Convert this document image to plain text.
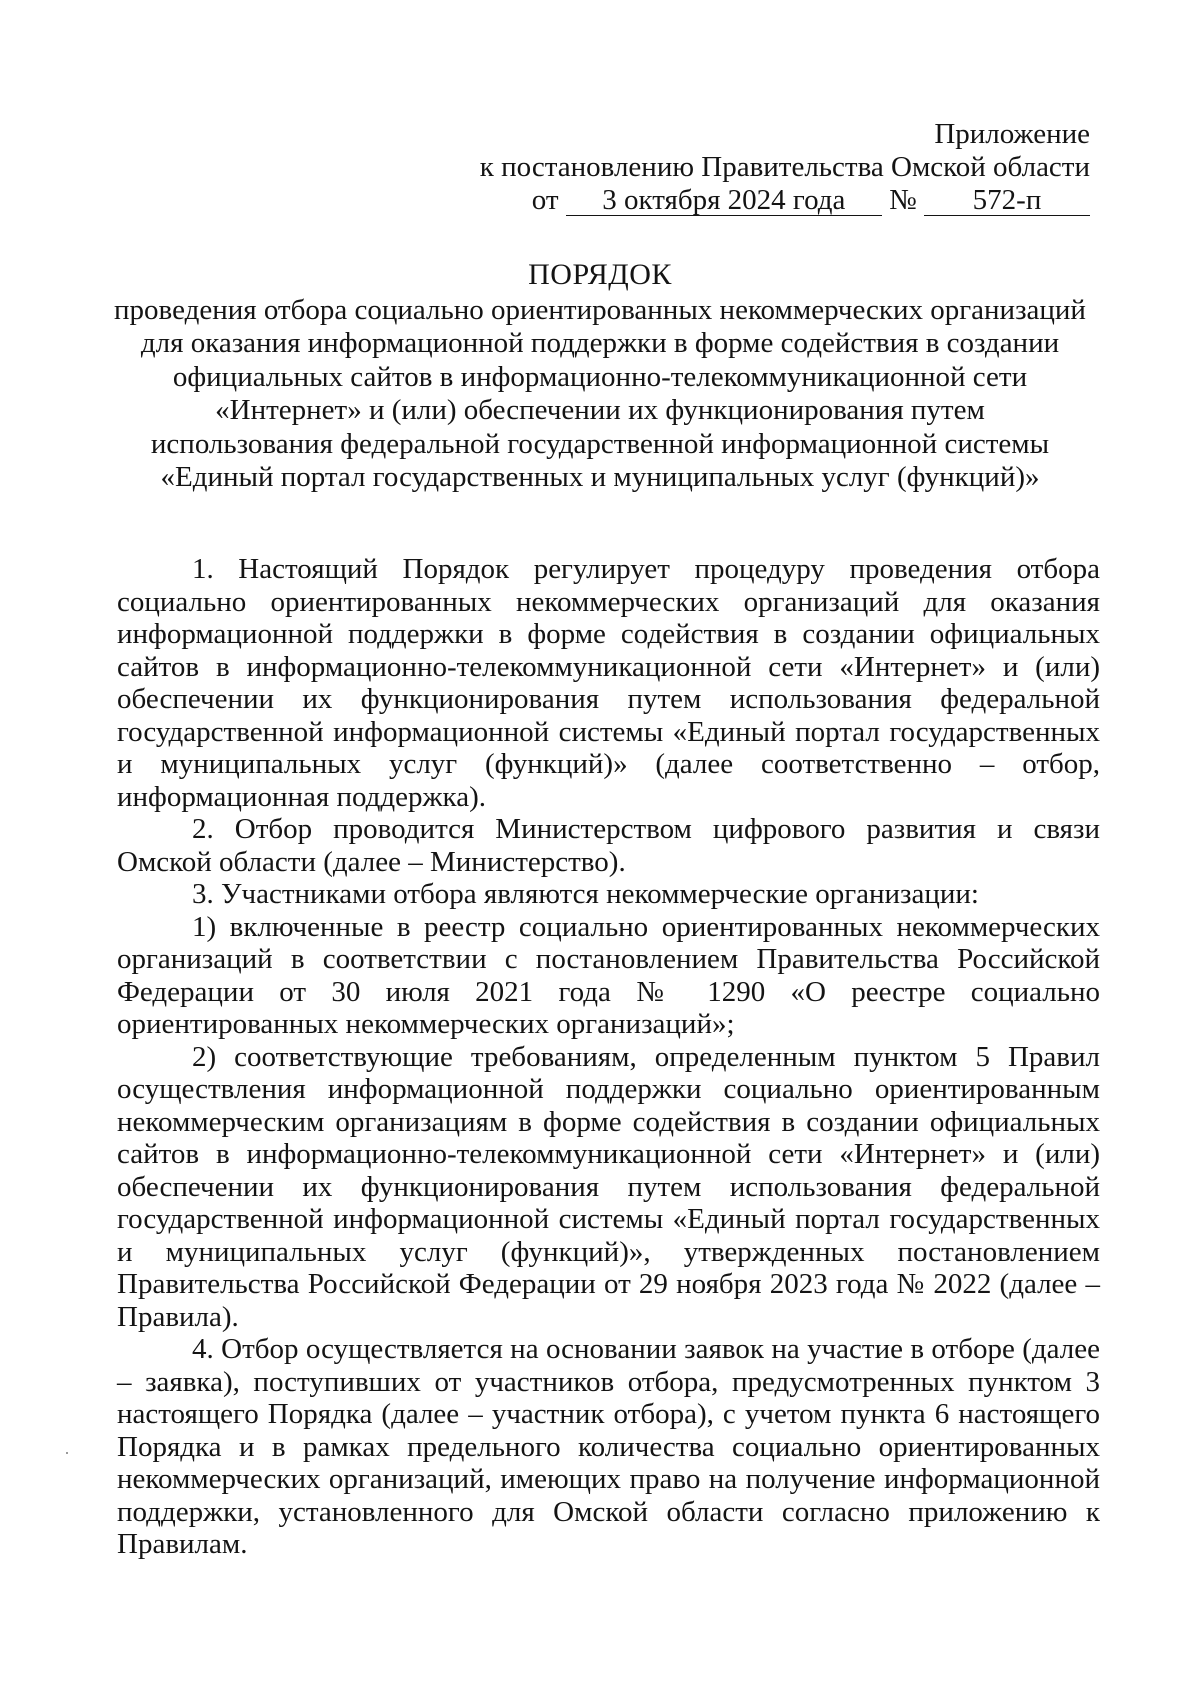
Приложение
к постановлению Правительства Омской области
от 3 октября 2024 года № 572-п
ПОРЯДОК
проведения отбора социально ориентированных некоммерческих организаций
для оказания информационной поддержки в форме содействия в создании
официальных сайтов в информационно-телекоммуникационной сети
«Интернет» и (или) обеспечении их функционирования путем
использования федеральной государственной информационной системы
«Единый портал государственных и муниципальных услуг (функций)»

1. Настоящий Порядок регулирует процедуру проведения отбора социально ориентированных некоммерческих организаций для оказания информационной поддержки в форме содействия в создании официальных сайтов в информационно-телекоммуникационной сети «Интернет» и (или) обеспечении их функционирования путем использования федеральной государственной информационной системы «Единый портал государственных и муниципальных услуг (функций)» (далее соответственно – отбор, информационная поддержка).

2. Отбор проводится Министерством цифрового развития и связи Омской области (далее – Министерство).

3. Участниками отбора являются некоммерческие организации:

1) включенные в реестр социально ориентированных некоммерческих организаций в соответствии с постановлением Правительства Российской Федерации от 30 июля 2021 года № 1290 «О реестре социально ориентированных некоммерческих организаций»;

2) соответствующие требованиям, определенным пунктом 5 Правил осуществления информационной поддержки социально ориентированным некоммерческим организациям в форме содействия в создании официальных сайтов в информационно-телекоммуникационной сети «Интернет» и (или) обеспечении их функционирования путем использования федеральной государственной информационной системы «Единый портал государственных и муниципальных услуг (функций)», утвержденных постановлением Правительства Российской Федерации от 29 ноября 2023 года № 2022 (далее – Правила).

4. Отбор осуществляется на основании заявок на участие в отборе (далее – заявка), поступивших от участников отбора, предусмотренных пунктом 3 настоящего Порядка (далее – участник отбора), с учетом пункта 6 настоящего Порядка и в рамках предельного количества социально ориентированных некоммерческих организаций, имеющих право на получение информационной поддержки, установленного для Омской области согласно приложению к Правилам.
